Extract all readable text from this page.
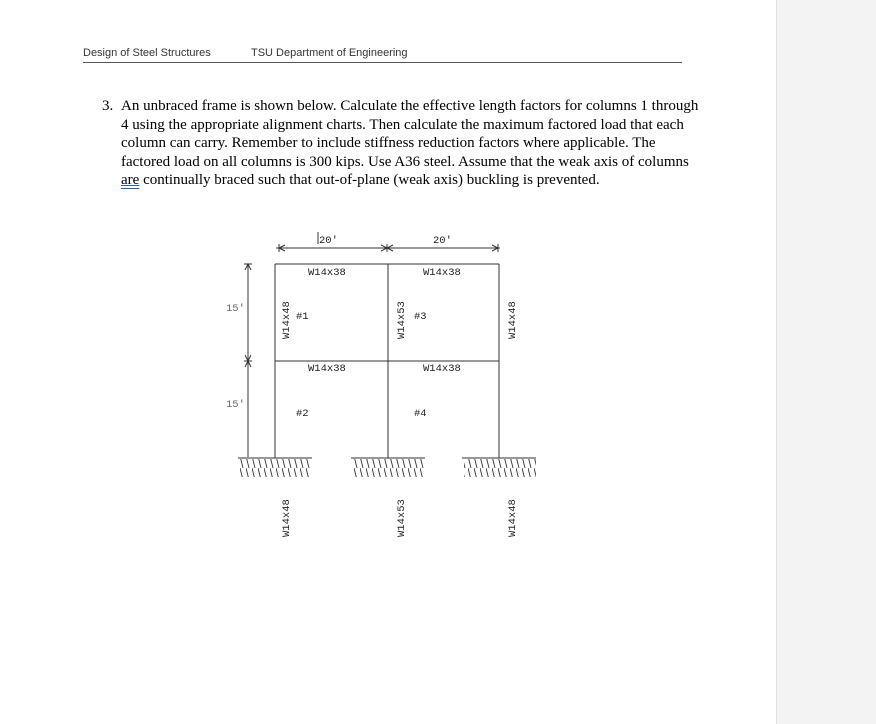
Design of Steel Structures	TSU Department of Engineering
3. An unbraced frame is shown below. Calculate the effective length factors for columns 1 through 4 using the appropriate alignment charts. Then calculate the maximum factored load that each column can carry. Remember to include stiffness reduction factors where applicable. The factored load on all columns is 300 kips. Use A36 steel. Assume that the weak axis of columns are continually braced such that out-of-plane (weak axis) buckling is prevented.
20'	20'
15'
15'
W14x38	W14x38
W14x38	W14x38
#1	#3
#2	#4
W14x48	W14x53	W14x48
W14x48	W14x53	W14x48
